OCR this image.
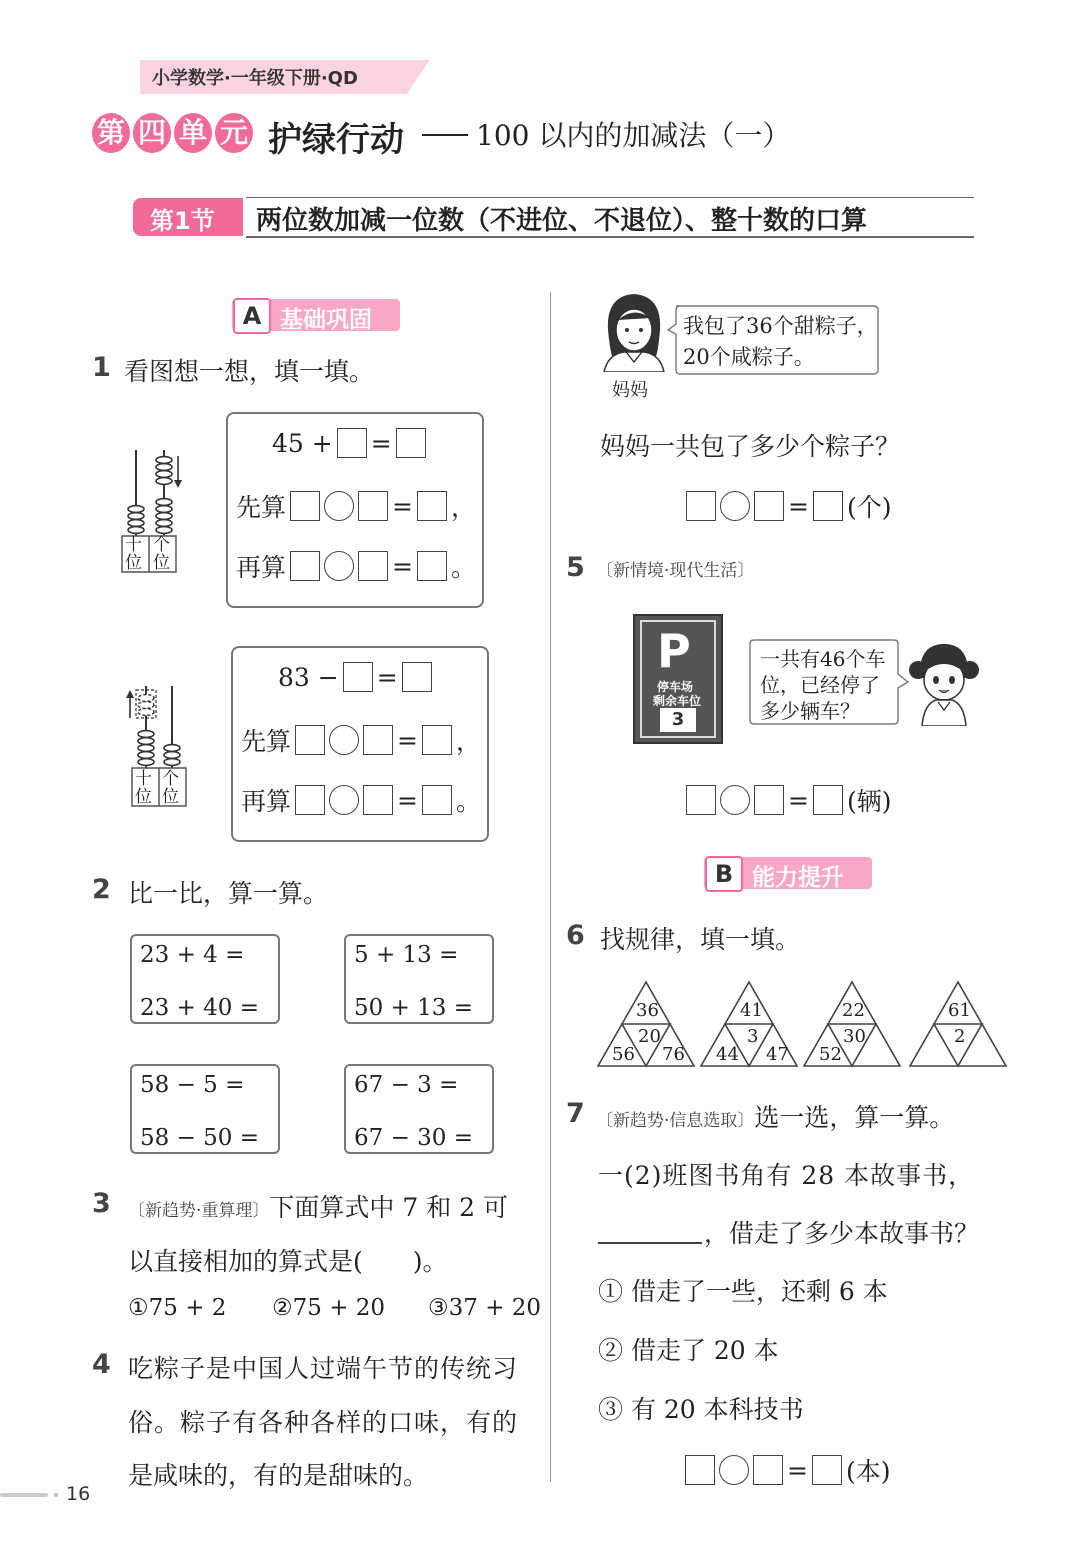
小学数学·一年级下册·QD
第 四 单 元 护绿行动	100 以内的加减法（一）
第1节 两位数加减一位数（不进位、不退位）、整十数的口算
A 基础巩固
1 看图想一想，填一填。
十位
个位
45 + =
先算	= ，
再算	= 。
十位
个位
83 − =
先算	= ，
再算	= 。
2 比一比，算一算。
23 + 4 =
23 + 40 =
5 + 13 =
50 + 13 =
58 − 5 =
58 − 50 =
67 − 3 =
67 − 30 =
3 〔新趋势·重算理〕下面算式中 7 和 2 可
以直接相加的算式是(　　)。
①75 + 2 ②75 + 20 ③37 + 20
4 吃粽子是中国人过端午节的传统习
俗。粽子有各种各样的口味，有的
是咸味的，有的是甜味的。
16
妈妈
我包了36个甜粽子，
20个咸粽子。
妈妈一共包了多少个粽子？
= (个)
5 〔新情境·现代生活〕
P
停车场
剩余车位
3
一共有46个车
位，已经停了
多少辆车？
= (辆)
B 能力提升
6 找规律，填一填。
36
20
56 76
41
3
44 47
22
30
52
61
2
7 〔新趋势·信息选取〕选一选，算一算。
一(2)班图书角有 28 本故事书，
，借走了多少本故事书？
① 借走了一些，还剩 6 本
② 借走了 20 本
③ 有 20 本科技书
= (本)
